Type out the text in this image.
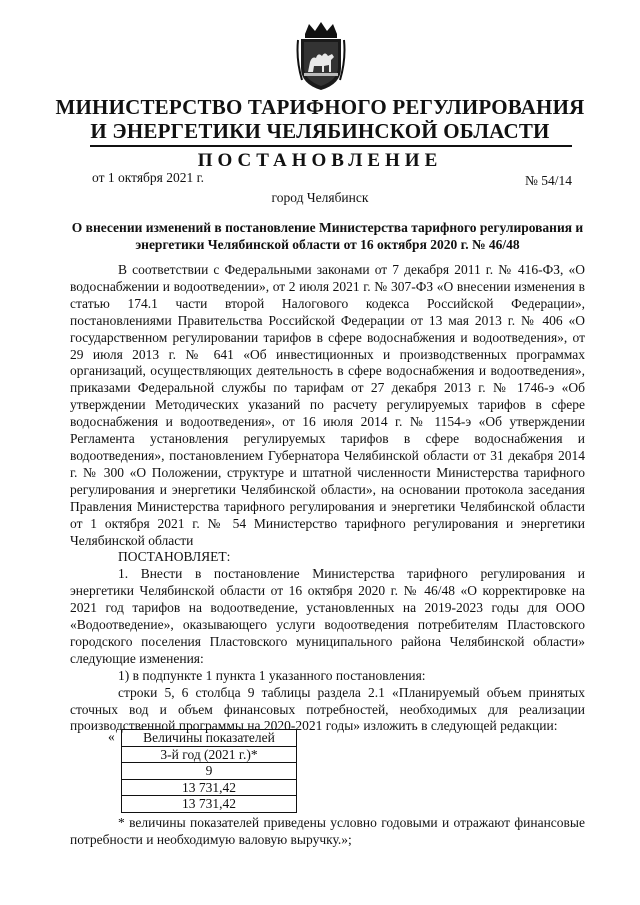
МИНИСТЕРСТВО ТАРИФНОГО РЕГУЛИРОВАНИЯ
И ЭНЕРГЕТИКИ ЧЕЛЯБИНСКОЙ ОБЛАСТИ
ПОСТАНОВЛЕНИЕ
от 1 октября 2021 г.	№ 54/14
город Челябинск
О внесении изменений в постановление Министерства тарифного регулирования и энергетики Челябинской области от 16 октября 2020 г. № 46/48

В соответствии с Федеральными законами от 7 декабря 2011 г. № 416-ФЗ, «О водоснабжении и водоотведении», от 2 июля 2021 г. № 307-ФЗ «О внесении изменения в статью 174.1 части второй Налогового кодекса Российской Федерации», постановлениями Правительства Российской Федерации от 13 мая 2013 г. № 406 «О государственном регулировании тарифов в сфере водоснабжения и водоотведения», от 29 июля 2013 г. № 641 «Об инвестиционных и производственных программах организаций, осуществляющих деятельность в сфере водоснабжения и водоотведения», приказами Федеральной службы по тарифам от 27 декабря 2013 г. № 1746-э «Об утверждении Методических указаний по расчету регулируемых тарифов в сфере водоснабжения и водоотведения», от 16 июля 2014 г. № 1154-э «Об утверждении Регламента установления регулируемых тарифов в сфере водоснабжения и водоотведения», постановлением Губернатора Челябинской области от 31 декабря 2014 г. № 300 «О Положении, структуре и штатной численности Министерства тарифного регулирования и энергетики Челябинской области», на основании протокола заседания Правления Министерства тарифного регулирования и энергетики Челябинской области от 1 октября 2021 г. № 54 Министерство тарифного регулирования и энергетики Челябинской области

ПОСТАНОВЛЯЕТ:

1. Внести в постановление Министерства тарифного регулирования и энергетики Челябинской области от 16 октября 2020 г. № 46/48 «О корректировке на 2021 год тарифов на водоотведение, установленных на 2019-2023 годы для ООО «Водоотведение», оказывающего услуги водоотведения потребителям Пластовского городского поселения Пластовского муниципального района Челябинской области» следующие изменения:

1) в подпункте 1 пункта 1 указанного постановления:

строки 5, 6 столбца 9 таблицы раздела 2.1 «Планируемый объем принятых сточных вод и объем финансовых потребностей, необходимых для реализации производственной программы на 2020-2021 годы» изложить в следующей редакции:

« Величины показателей
3-й год (2021 г.)*
9
13 731,42
13 731,42

* величины показателей приведены условно годовыми и отражают финансовые потребности и необходимую валовую выручку.»;
